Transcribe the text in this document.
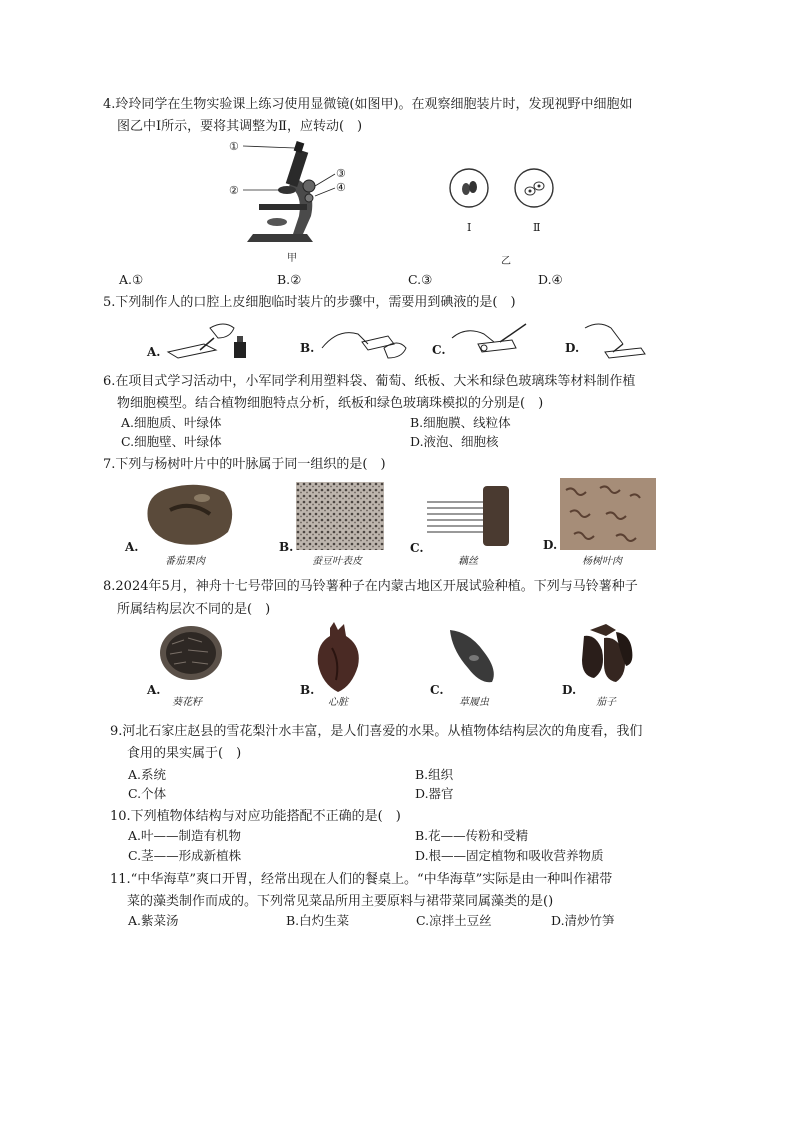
4.玲玲同学在生物实验课上练习使用显微镜(如图甲)。在观察细胞装片时，发现视野中细胞如
图乙中Ⅰ所示，要将其调整为Ⅱ，应转动(　)
①
②
③
④
甲
Ⅰ	Ⅱ
乙
A.①	B.②	C.③	D.④
5.下列制作人的口腔上皮细胞临时装片的步骤中，需要用到碘液的是(　)
A.	B.	C.	D.
6.在项目式学习活动中，小军同学利用塑料袋、葡萄、纸板、大米和绿色玻璃珠等材料制作植
物细胞模型。结合植物细胞特点分析，纸板和绿色玻璃珠模拟的分别是(　)
A.细胞质、叶绿体	B.细胞膜、线粒体
C.细胞壁、叶绿体	D.液泡、细胞核
7.下列与杨树叶片中的叶脉属于同一组织的是(　)
A.
番茄果肉
B.
蚕豆叶表皮
C.
藕丝
D.
杨树叶肉
8.2024年5月，神舟十七号带回的马铃薯种子在内蒙古地区开展试验种植。下列与马铃薯种子
所属结构层次不同的是(　)
A.
葵花籽
B.
心脏
C.
草履虫
D.
茄子
9.河北石家庄赵县的雪花梨汁水丰富，是人们喜爱的水果。从植物体结构层次的角度看，我们
食用的果实属于(　)
A.系统	B.组织
C.个体	D.器官
10.下列植物体结构与对应功能搭配不正确的是(　)
A.叶——制造有机物	B.花——传粉和受精
C.茎——形成新植株	D.根——固定植物和吸收营养物质
11.“中华海草”爽口开胃，经常出现在人们的餐桌上。“中华海草”实际是由一种叫作裙带
菜的藻类制作而成的。下列常见菜品所用主要原料与裙带菜同属藻类的是()
A.紫菜汤	B.白灼生菜	C.凉拌土豆丝	D.清炒竹笋
